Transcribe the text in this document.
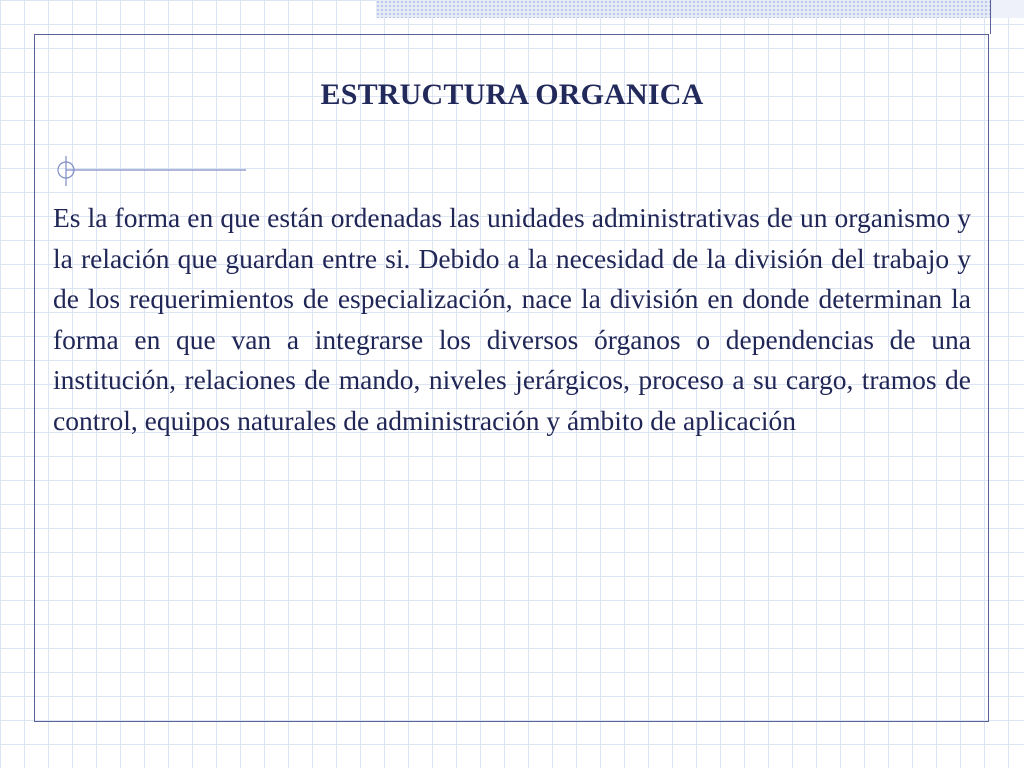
ESTRUCTURA ORGANICA

Es la forma en que están ordenadas las unidades administrativas de un organismo y la relación que guardan entre si. Debido a la necesidad de la división del trabajo y de los requerimientos de especialización, nace la división en donde determinan la forma en que van a integrarse los diversos órganos o dependencias de una institución, relaciones de mando, niveles jerárgicos, proceso a su cargo, tramos de control, equipos naturales de administración y ámbito de aplicación
